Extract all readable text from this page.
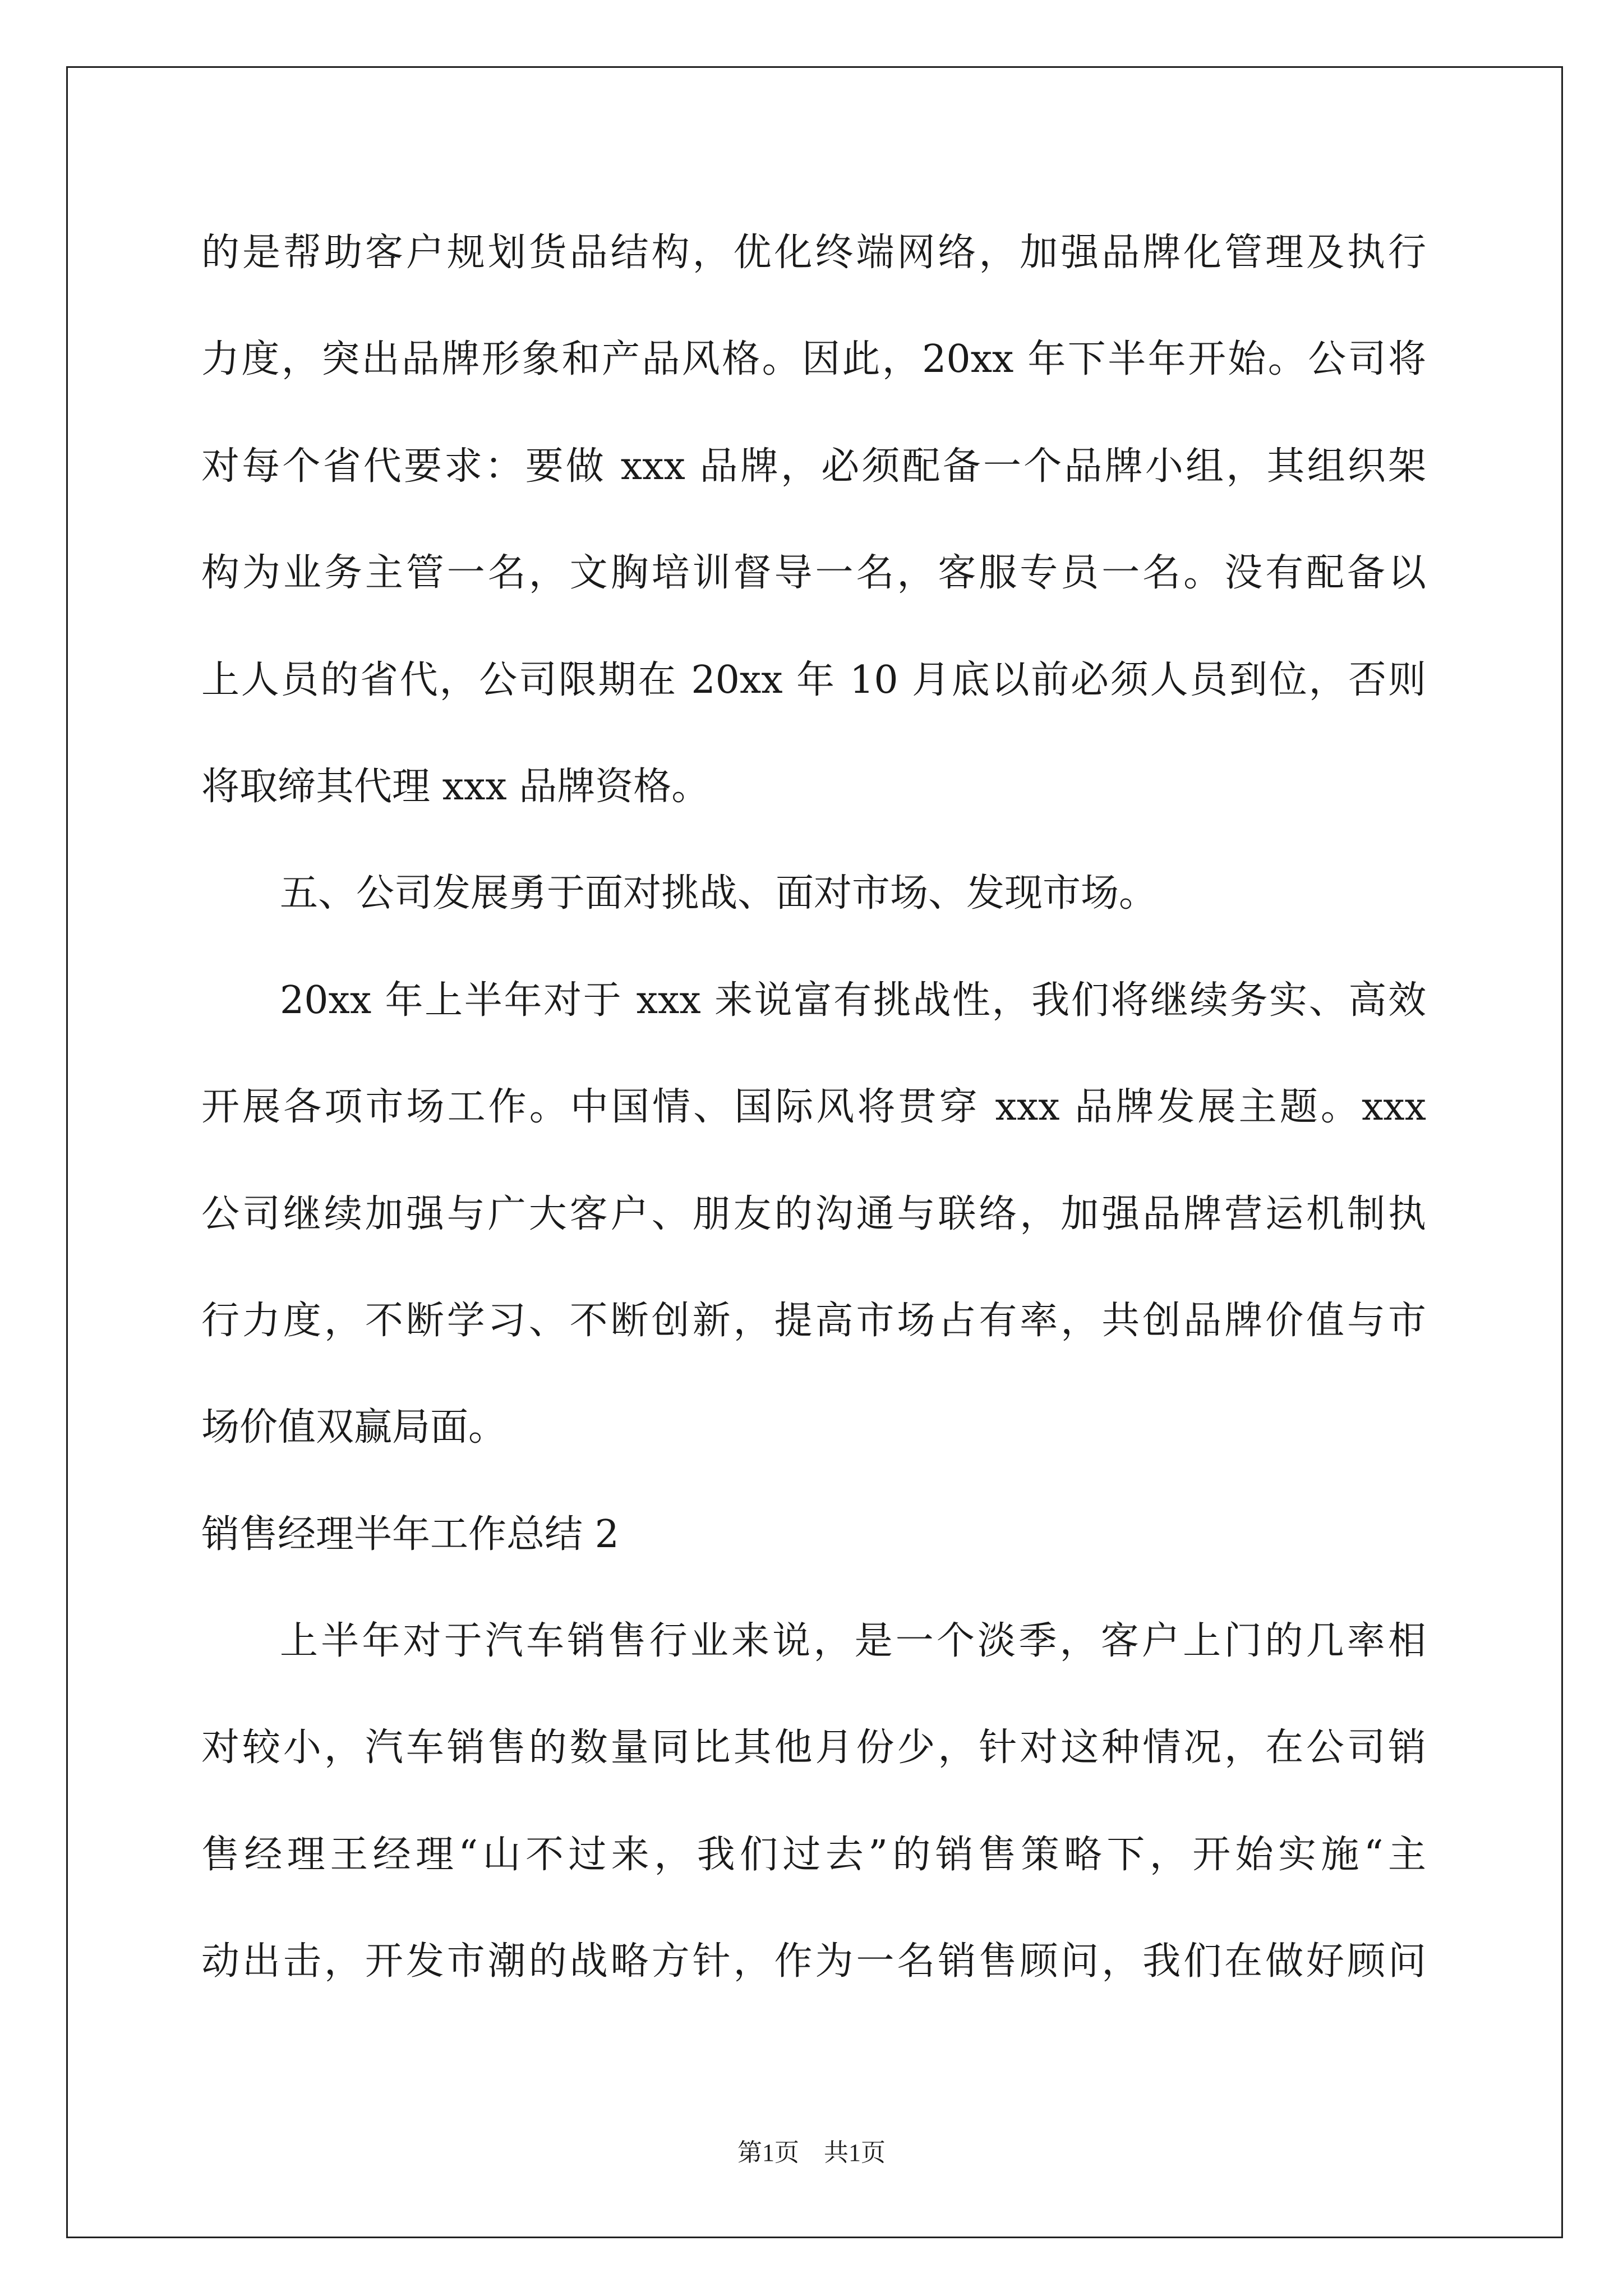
的是帮助客户规划货品结构，优化终端网络，加强品牌化管理及执行
力度，突出品牌形象和产品风格。因此，20xx 年下半年开始。公司将
对每个省代要求：要做 xxx 品牌，必须配备一个品牌小组，其组织架
构为业务主管一名，文胸培训督导一名，客服专员一名。没有配备以
上人员的省代，公司限期在 20xx 年 10 月底以前必须人员到位，否则
将取缔其代理 xxx 品牌资格。
五、公司发展勇于面对挑战、面对市场、发现市场。
20xx 年上半年对于 xxx 来说富有挑战性，我们将继续务实、高效
开展各项市场工作。中国情、国际风将贯穿 xxx 品牌发展主题。xxx
公司继续加强与广大客户、朋友的沟通与联络，加强品牌营运机制执
行力度，不断学习、不断创新，提高市场占有率，共创品牌价值与市
场价值双赢局面。
销售经理半年工作总结 2
上半年对于汽车销售行业来说，是一个淡季，客户上门的几率相
对较小，汽车销售的数量同比其他月份少，针对这种情况，在公司销
售经理王经理“山不过来，我们过去”的销售策略下，开始实施“主
动出击，开发市潮的战略方针，作为一名销售顾问，我们在做好顾问
第1页　共1页
